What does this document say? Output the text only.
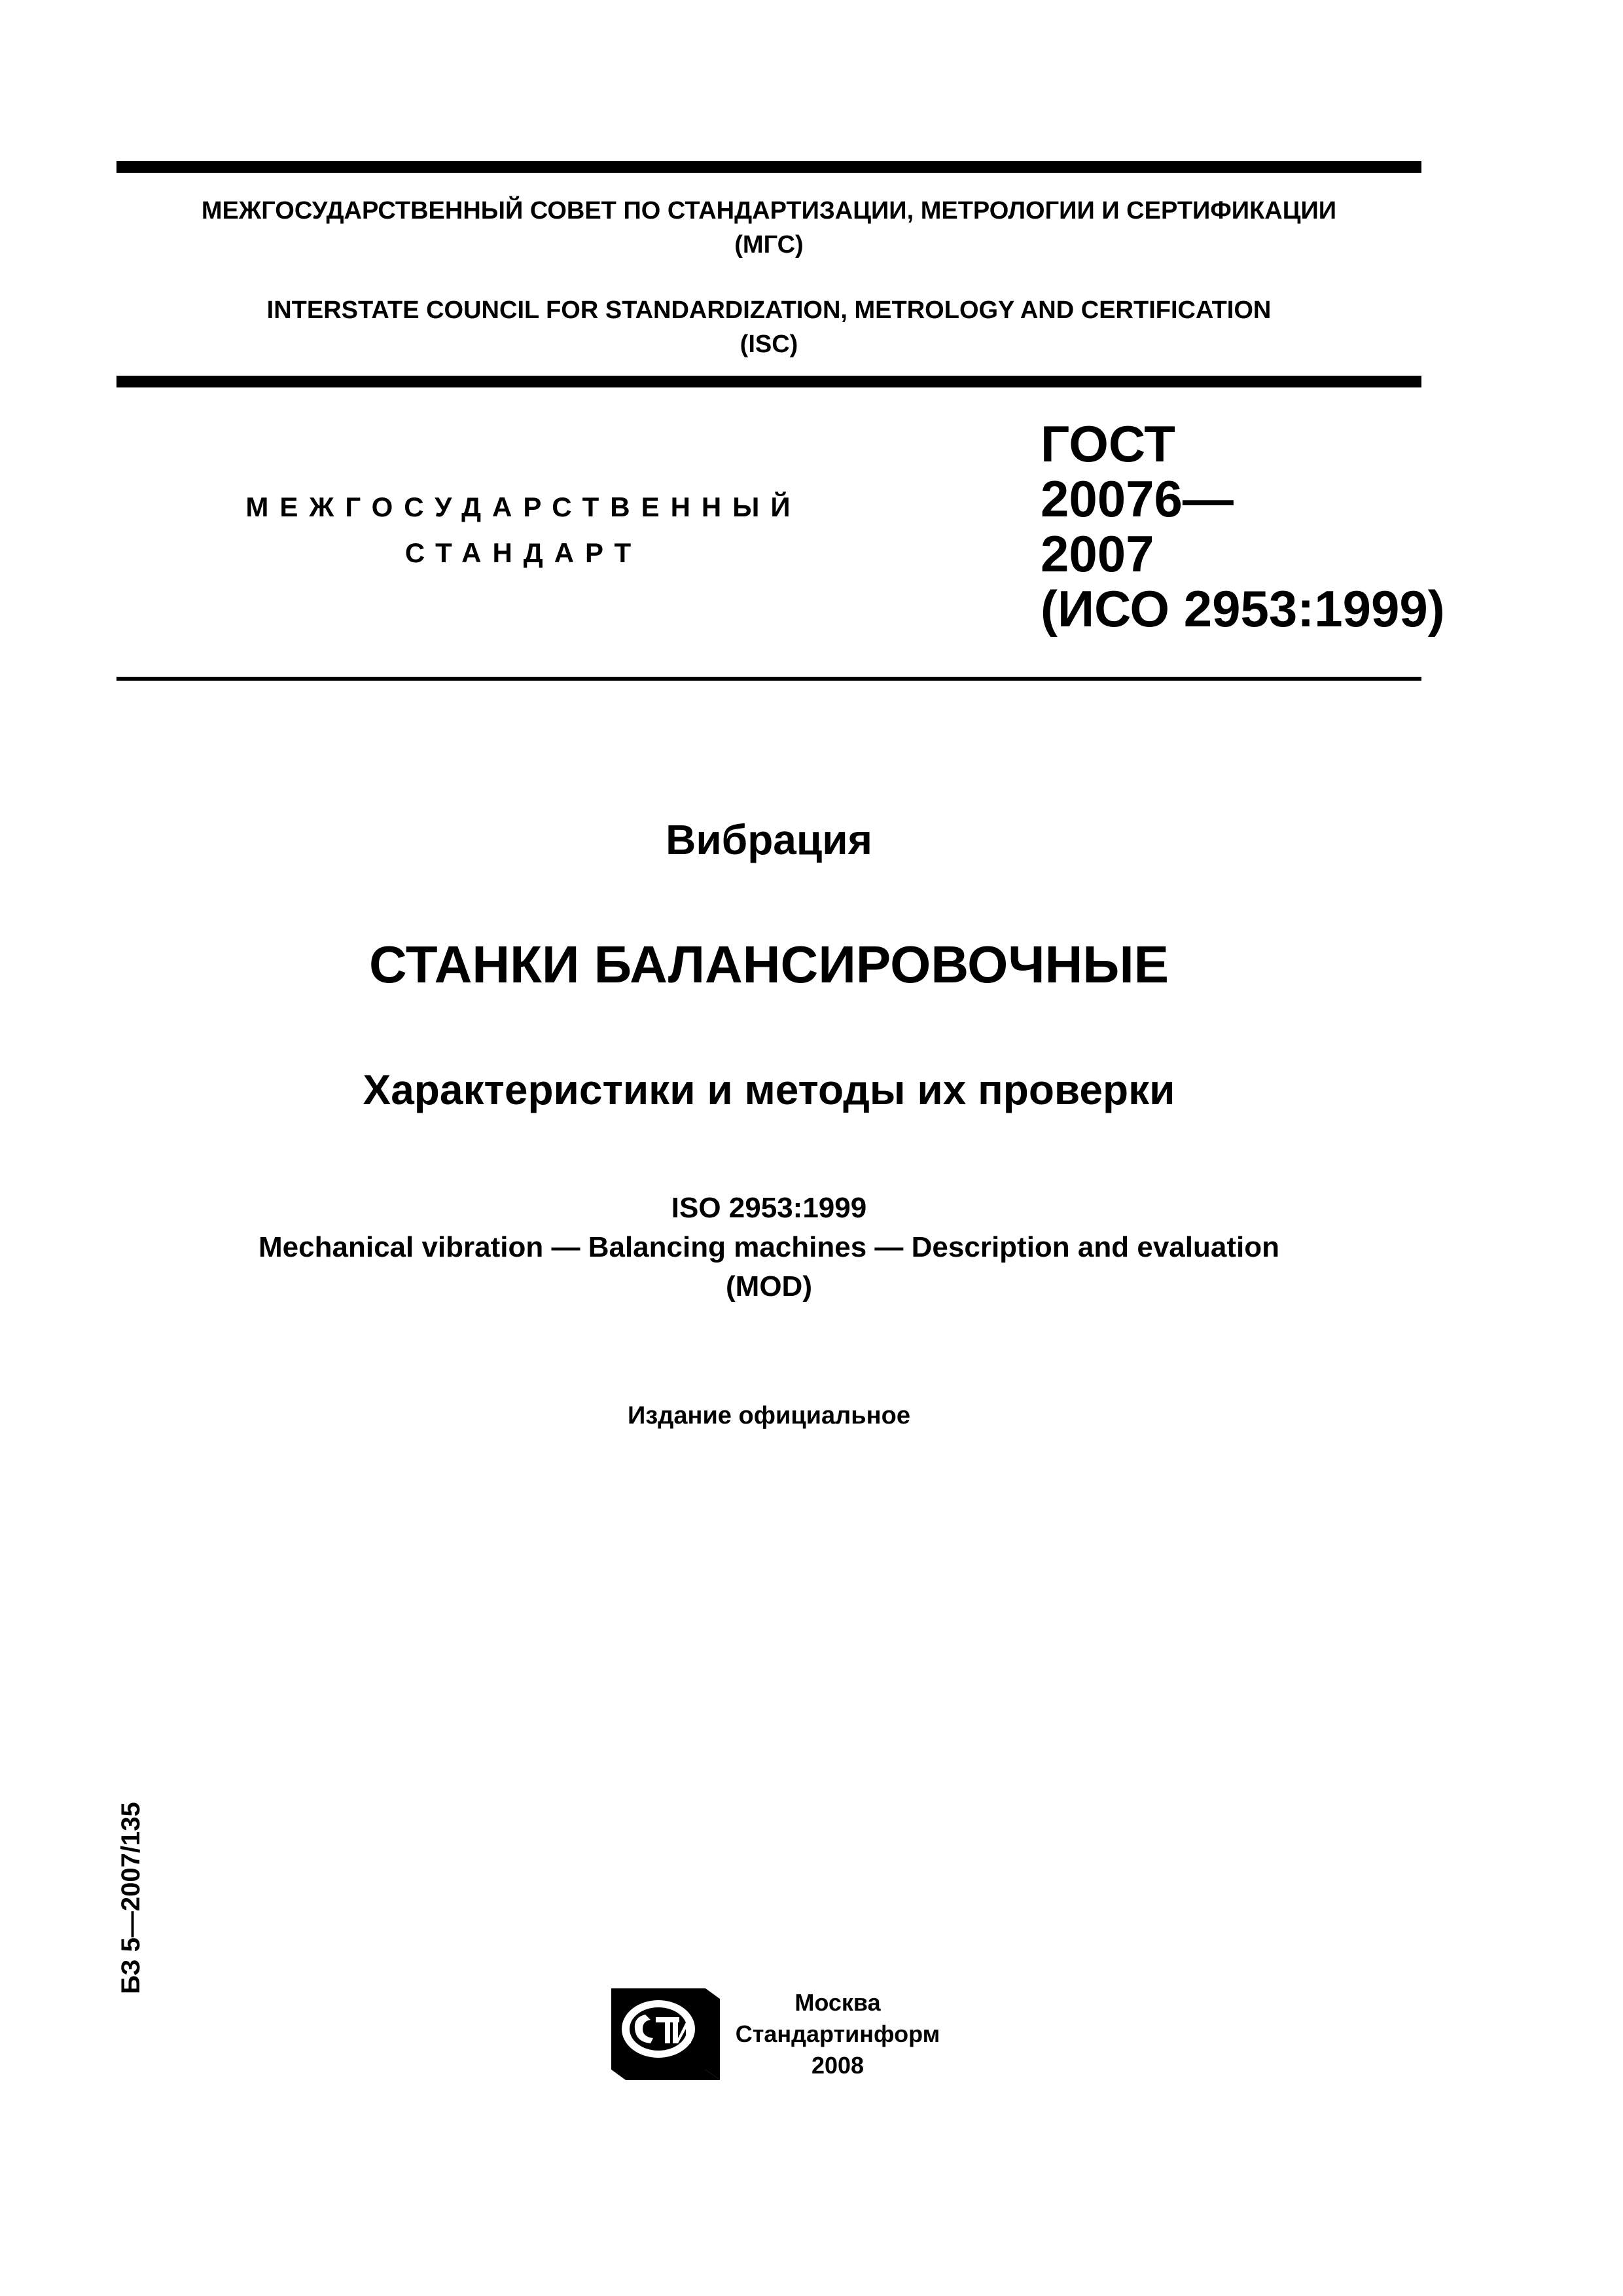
МЕЖГОСУДАРСТВЕННЫЙ СОВЕТ ПО СТАНДАРТИЗАЦИИ, МЕТРОЛОГИИ И СЕРТИФИКАЦИИ
(МГС)
INTERSTATE COUNCIL FOR STANDARDIZATION, METROLOGY AND CERTIFICATION
(ISC)
МЕЖГОСУДАРСТВЕННЫЙ
СТАНДАРТ
ГОСТ
20076—
2007
(ИСО 2953:1999)
Вибрация
СТАНКИ БАЛАНСИРОВОЧНЫЕ
Характеристики и методы их проверки
ISO 2953:1999
Mechanical vibration — Balancing machines — Description and evaluation
(MOD)
Издание официальное
БЗ 5—2007/135
Москва
Стандартинформ
2008
